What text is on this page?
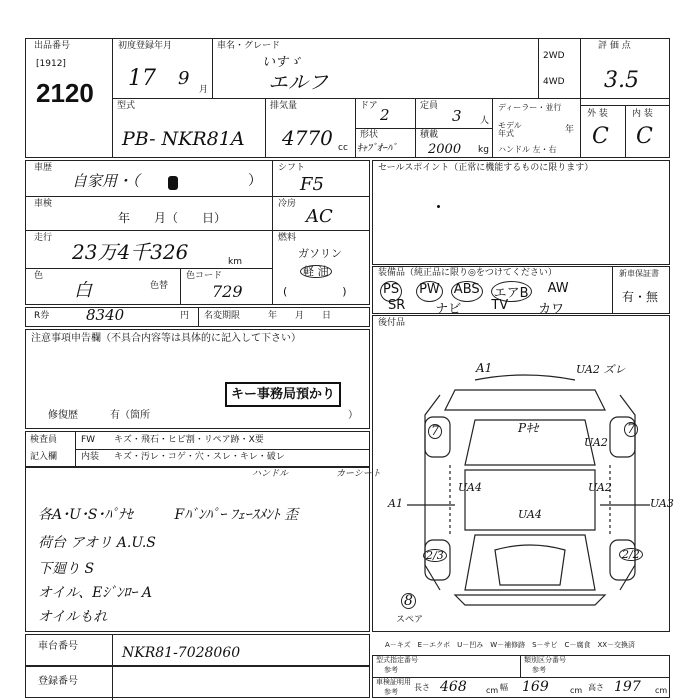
出品番号
[1912]
2120
初度登録年月
17 9
月
車名・グレード
いすゞ
エルフ
2WD
4WD
評 価 点
3.5
型式
PB- NKR81A
排気量
4770 cc
ドア 2	定員
3 人
形状
ｷｬﾌﾞｵｰﾊﾞ
積載
2000 kg
ディーラー・並行
モデル年式	年
ハンドル 左・右
外 装	内 装
C C
車歴
自家用・（	）
車検
年　　月（　　日）
走行
23万4千326	km
色
白	色替
色コード
729
シフト
F5
冷房
AC
燃料
ガソリン
軽 油
(　　　　　)
R券 8340	円 名変期限	年　　月　　日
セールスポイント（正常に機能するものに限ります）
装備品（純正品に限り◎をつけてください）	新車保証書
PS PW ABS エアB AW
SR ナビ TV カワ
有・無
後付品
注意事項申告欄（不具合内容等は具体的に記入して下さい）
キー事務局預かり
修復歴	有（箇所	）
検査員
記入欄
FW キズ・飛石・ヒビ割・リペア跡・X要
内装 キズ・汚レ・コゲ・穴・スレ・キレ・破レ
ハンドル	カーシート
各A･U･S･ﾊﾟﾅｾ　　　Fﾊﾞﾝﾊﾟｰ ﾌｪｰｽﾒﾝﾄ 歪
荷台 アオリ A.U.S
下廻り S
オイル、Eｼﾞﾝﾛｰ A
オイルもれ
A1	UA2 ズレ
Pｷｾ
7	7
UA2
UA4	UA2
UA3
A1
UA4
2/3	2/2
8
スペア
車台番号	NKR81-7028060
登録番号
A－キズ　E－エクボ　U－凹み　W－補修跡　S－サビ　C－腐食　XX－交換済
型式指定番号
参考
類別区分番号
参考
車検証明用
参考 長さ 468 cm 幅 169	cm 高さ 197 cm
